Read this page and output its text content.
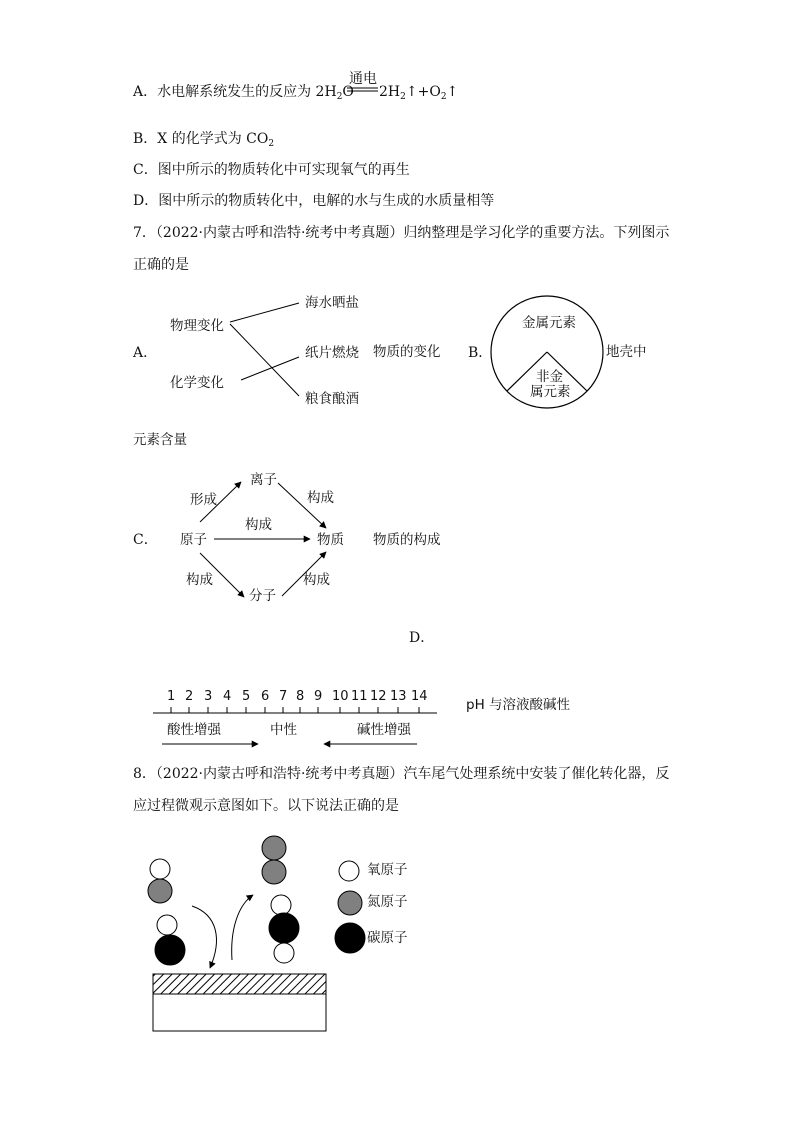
A．水电解系统发生的反应为 $2H_2O$
通电
$2H_2↑+O_2↑$
B．X 的化学式为 $CO_2$
C．图中所示的物质转化中可实现氧气的再生
D．图中所示的物质转化中，电解的水与生成的水质量相等
7．（2022·内蒙古呼和浩特·统考中考真题）归纳整理是学习化学的重要方法。下列图示
正确的是
A．
物理变化
化学变化
海水晒盐
纸片燃烧
粮食酿酒
物质的变化 B．
金属元素
非金
属元素
地壳中
元素含量
C．
离子
原子	物质
分子
形成	构成
构成
构成	构成
物质的构成
D．
1 2 3 4 5 6 7 8 9 10 11 12 13 14
酸性增强	中性	碱性增强
pH 与溶液酸碱性
8．（2022·内蒙古呼和浩特·统考中考真题）汽车尾气处理系统中安装了催化转化器，反
应过程微观示意图如下。以下说法正确的是
氧原子
氮原子
碳原子
